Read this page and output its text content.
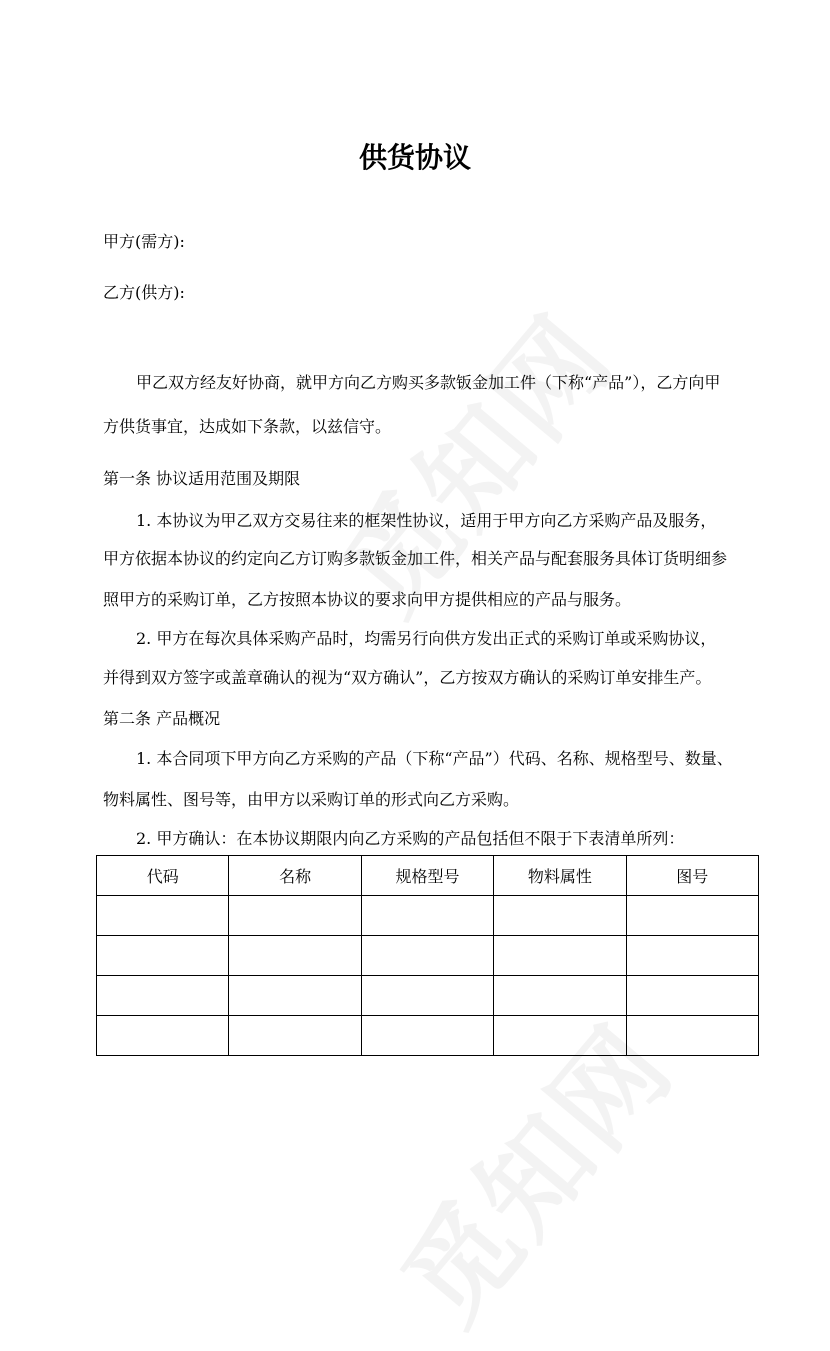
供货协议
甲方(需方):
乙方(供方):
甲乙双方经友好协商，就甲方向乙方购买多款钣金加工件（下称“产品”），乙方向甲
方供货事宜，达成如下条款，以兹信守。
第一条 协议适用范围及期限
1. 本协议为甲乙双方交易往来的框架性协议，适用于甲方向乙方采购产品及服务，
甲方依据本协议的约定向乙方订购多款钣金加工件，相关产品与配套服务具体订货明细参
照甲方的采购订单，乙方按照本协议的要求向甲方提供相应的产品与服务。
2. 甲方在每次具体采购产品时，均需另行向供方发出正式的采购订单或采购协议，
并得到双方签字或盖章确认的视为“双方确认”，乙方按双方确认的采购订单安排生产。
第二条 产品概况
1. 本合同项下甲方向乙方采购的产品（下称“产品”）代码、名称、规格型号、数量、
物料属性、图号等，由甲方以采购订单的形式向乙方采购。
2. 甲方确认：在本协议期限内向乙方采购的产品包括但不限于下表清单所列：
代码	名称	规格型号	物料属性	图号
